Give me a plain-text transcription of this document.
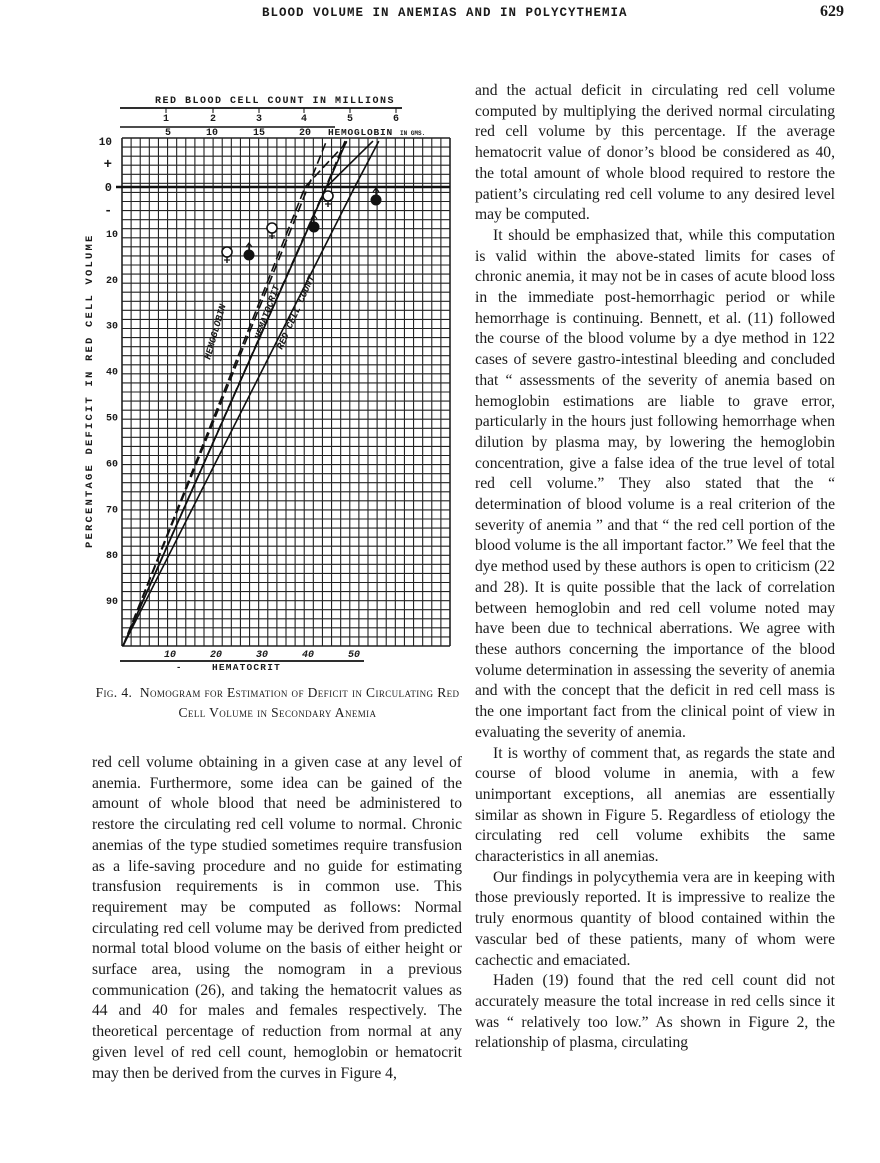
BLOOD VOLUME IN ANEMIAS AND IN POLYCYTHEMIA	629
10
+
0
-
10
20
30
40
50
60
70
80
90
PERCENTAGE DEFICIT IN RED CELL VOLUME
RED BLOOD CELL COUNT IN MILLIONS
1	2	3	4	5	6
5	10	15	20 HEMOGLOBIN IN GMS.
10	20	30	40	50
-	HEMATOCRIT
HEMOGLOBIN	HEMATOCRIT
RED CELL COUNT
Fig. 4. Nomogram for Estimation of Deficit in Circulating Red Cell Volume in Secondary Anemia

red cell volume obtaining in a given case at any level of anemia. Furthermore, some idea can be gained of the amount of whole blood that need be administered to restore the circulating red cell volume to normal. Chronic anemias of the type studied sometimes require transfusion as a life-saving procedure and no guide for estimating transfusion requirements is in common use. This requirement may be computed as follows: Normal circulating red cell volume may be derived from predicted normal total blood volume on the basis of either height or surface area, using the nomogram in a previous communication (26), and taking the hematocrit values as 44 and 40 for males and females respectively. The theoretical percentage of reduction from normal at any given level of red cell count, hemoglobin or hematocrit may then be derived from the curves in Figure 4,

and the actual deficit in circulating red cell volume computed by multiplying the derived normal circulating red cell volume by this percentage. If the average hematocrit value of donor’s blood be considered as 40, the total amount of whole blood required to restore the patient’s circulating red cell volume to any desired level may be computed.

It should be emphasized that, while this computation is valid within the above-stated limits for cases of chronic anemia, it may not be in cases of acute blood loss in the immediate post-hemorrhagic period or while hemorrhage is continuing. Bennett, et al. (11) followed the course of the blood volume by a dye method in 122 cases of severe gastro-intestinal bleeding and concluded that “ assessments of the severity of anemia based on hemoglobin estimations are liable to grave error, particularly in the hours just following hemorrhage when dilution by plasma may, by lowering the hemoglobin concentration, give a false idea of the true level of total red cell volume.” They also stated that the “ determination of blood volume is a real criterion of the severity of anemia ” and that “ the red cell portion of the blood volume is the all important factor.” We feel that the dye method used by these authors is open to criticism (22 and 28). It is quite possible that the lack of correlation between hemoglobin and red cell volume noted may have been due to technical aberrations. We agree with these authors concerning the importance of the blood volume determination in assessing the severity of anemia and with the concept that the deficit in red cell mass is the one important fact from the clinical point of view in evaluating the severity of anemia.

It is worthy of comment that, as regards the state and course of blood volume in anemia, with a few unimportant exceptions, all anemias are essentially similar as shown in Figure 5. Regardless of etiology the circulating red cell volume exhibits the same characteristics in all anemias.

Our findings in polycythemia vera are in keeping with those previously reported. It is impressive to realize the truly enormous quantity of blood contained within the vascular bed of these patients, many of whom were cachectic and emaciated.

Haden (19) found that the red cell count did not accurately measure the total increase in red cells since it was “ relatively too low.” As shown in Figure 2, the relationship of plasma, circulating
